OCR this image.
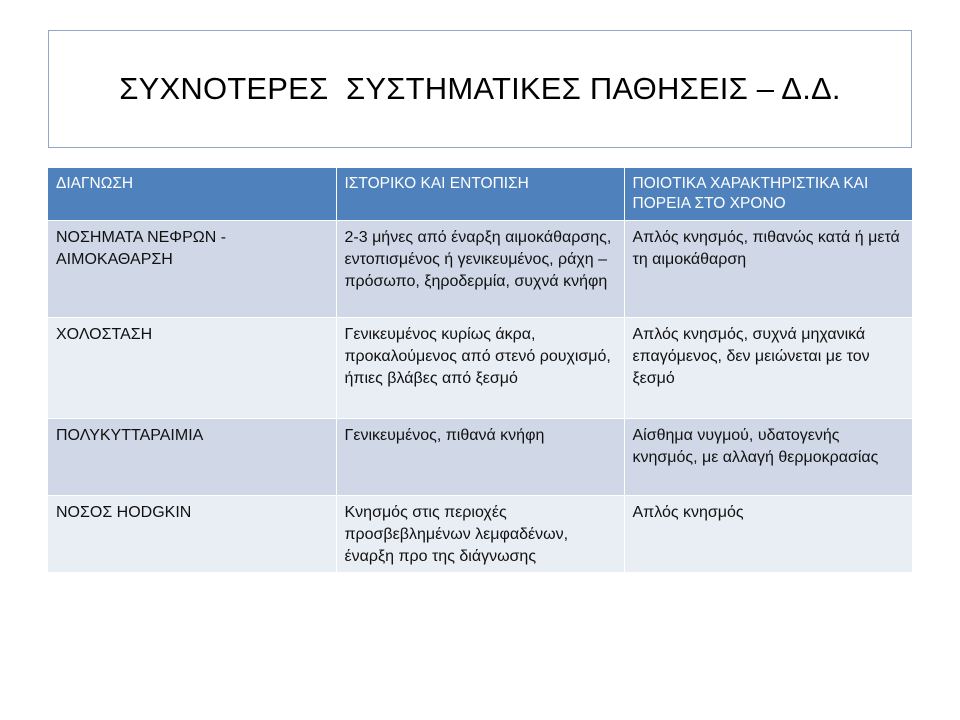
ΣΥΧΝΟΤΕΡΕΣ  ΣΥΣΤΗΜΑΤΙΚΕΣ ΠΑΘΗΣΕΙΣ – Δ.Δ.
ΔΙΑΓΝΩΣΗ	ΙΣΤΟΡΙΚΟ ΚΑΙ ΕΝΤΟΠΙΣΗ	ΠΟΙΟΤΙΚΑ ΧΑΡΑΚΤΗΡΙΣΤΙΚΑ ΚΑΙ ΠΟΡΕΙΑ ΣΤΟ ΧΡΟΝΟ
ΝΟΣΗΜΑΤΑ ΝΕΦΡΩΝ - ΑΙΜΟΚΑΘΑΡΣΗ	2-3 μήνες από έναρξη αιμοκάθαρσης, εντοπισμένος ή γενικευμένος, ράχη – πρόσωπο, ξηροδερμία, συχνά κνήφη	Απλός κνησμός, πιθανώς κατά ή μετά τη αιμοκάθαρση
ΧΟΛΟΣΤΑΣΗ	Γενικευμένος κυρίως άκρα, προκαλούμενος από στενό ρουχισμό, ήπιες βλάβες από ξεσμό	Απλός κνησμός, συχνά μηχανικά επαγόμενος, δεν μειώνεται με τον ξεσμό
ΠΟΛΥΚΥΤΤΑΡΑΙΜΙΑ	Γενικευμένος, πιθανά κνήφη	Αίσθημα νυγμού, υδατογενής κνησμός, με αλλαγή θερμοκρασίας
ΝΟΣΟΣ HODGKIN	Κνησμός στις περιοχές προσβεβλημένων λεμφαδένων, έναρξη προ της διάγνωσης	Απλός κνησμός
